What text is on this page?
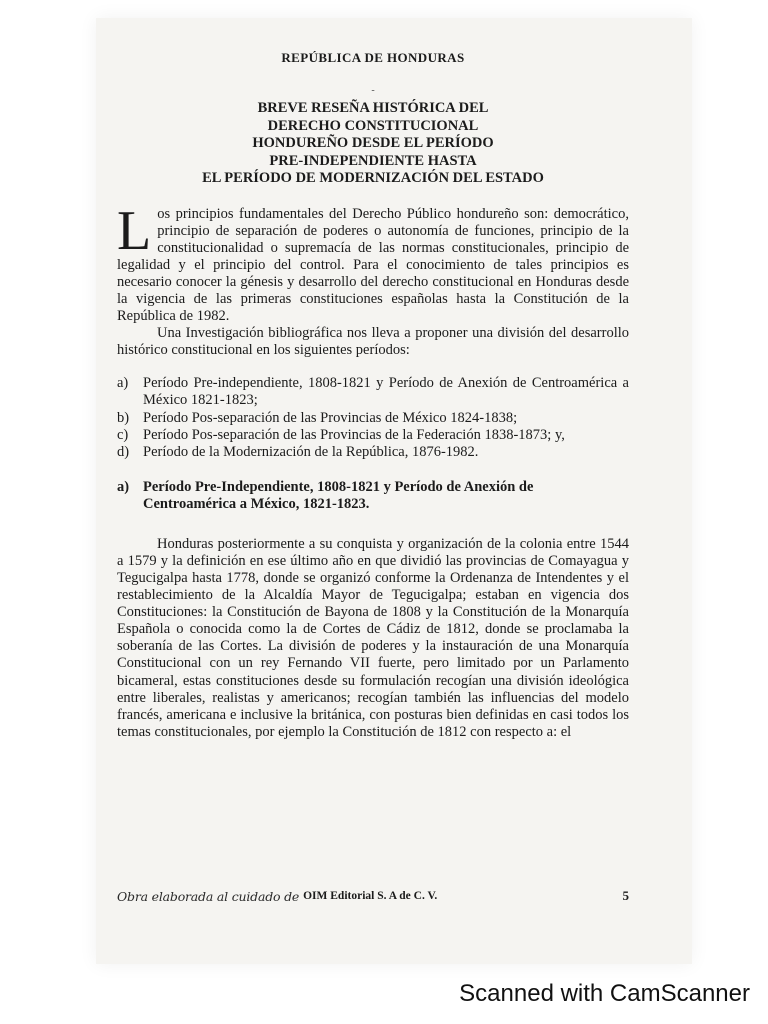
REPÚBLICA DE HONDURAS
-
BREVE RESEÑA HISTÓRICA DEL
DERECHO CONSTITUCIONAL
HONDUREÑO DESDE EL PERÍODO
PRE-INDEPENDIENTE HASTA
EL PERÍODO DE MODERNIZACIÓN DEL ESTADO
Los principios fundamentales del Derecho Público hondureño son: democrático, principio de separación de poderes o autonomía de funciones, principio de la constitucionalidad o supremacía de las normas constitucionales, principio de legalidad y el principio del control. Para el conocimiento de tales principios es necesario conocer la génesis y desarrollo del derecho constitucional en Honduras desde la vigencia de las primeras constituciones españolas hasta la Constitución de la República de 1982.
Una Investigación bibliográfica nos lleva a proponer una división del desarrollo histórico constitucional en los siguientes períodos:
a)	Período Pre-independiente, 1808-1821 y Período de Anexión de Centroamérica a México 1821-1823;
b) Período Pos-separación de las Provincias de México 1824-1838;
c)	Período Pos-separación de las Provincias de la Federación 1838-1873; y,
d) Período de la Modernización de la República, 1876-1982.
a) Período Pre-Independiente, 1808-1821 y Período de Anexión de Centroamérica a México, 1821-1823.
Honduras posteriormente a su conquista y organización de la colonia entre 1544 a 1579 y la definición en ese último año en que dividió las provincias de Comayagua y Tegucigalpa hasta 1778, donde se organizó conforme la Ordenanza de Intendentes y el restablecimiento de la Alcaldía Mayor de Tegucigalpa; estaban en vigencia dos Constituciones: la Constitución de Bayona de 1808 y la Constitución de la Monarquía Española o conocida como la de Cortes de Cádiz de 1812, donde se proclamaba la soberanía de las Cortes. La división de poderes y la instauración de una Monarquía Constitucional con un rey Fernando VII fuerte, pero limitado por un Parlamento bicameral, estas constituciones desde su formulación recogían una división ideológica entre liberales, realistas y americanos; recogían también las influencias del modelo francés, americana e inclusive la británica, con posturas bien definidas en casi todos los temas constitucionales, por ejemplo la Constitución de 1812 con respecto a: el
Obra elaborada al cuidado de OIM Editorial S. A de C. V.	5
Scanned with CamScanner
